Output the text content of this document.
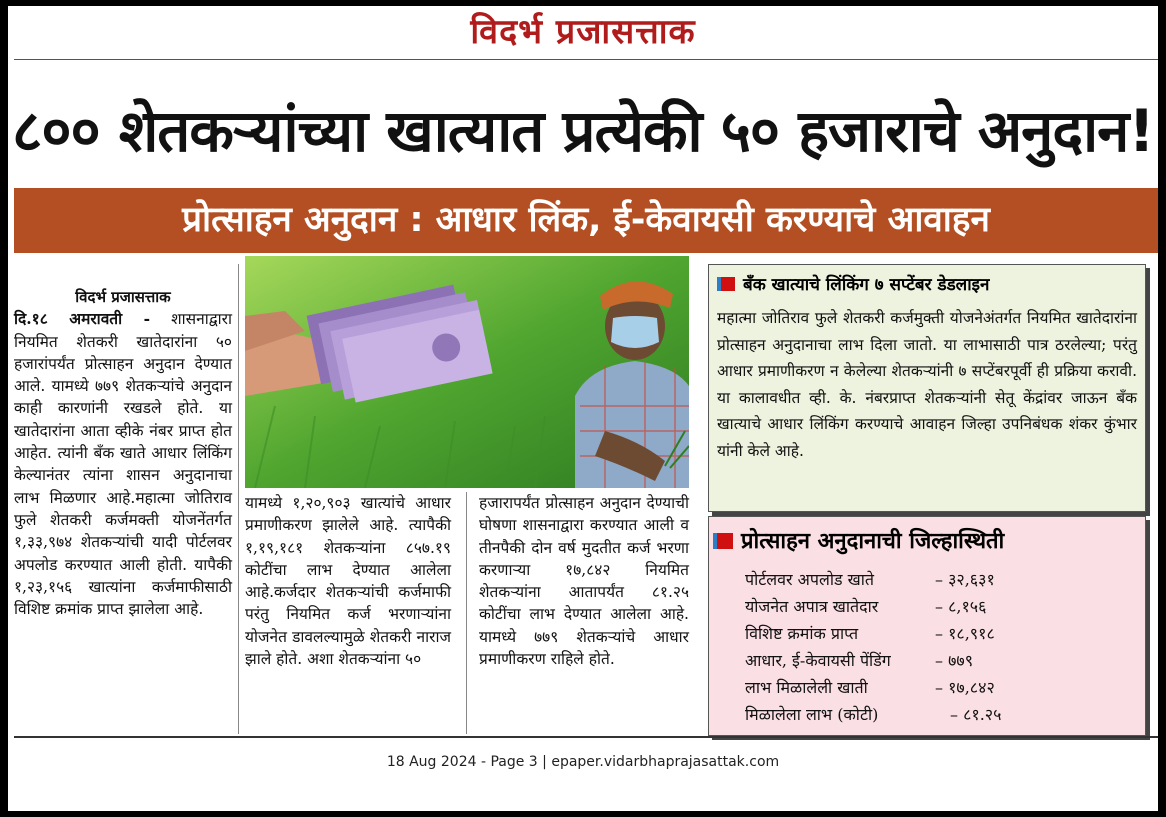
विदर्भ प्रजासत्ताक
८०० शेतकऱ्यांच्या खात्यात प्रत्येकी ५० हजाराचे अनुदान!
प्रोत्साहन अनुदान : आधार लिंक, ई-केवायसी करण्याचे आवाहन
विदर्भ प्रजासत्ताक

दि.१८ अमरावती - शासनाद्वारा नियमित शेतकरी खातेदारांना ५० हजारांपर्यंत प्रोत्साहन अनुदान देण्यात आले. यामध्ये ७७९ शेतकऱ्यांचे अनुदान काही कारणांनी रखडले होते. या खातेदारांना आता व्हीके नंबर प्राप्त होत आहेत. त्यांनी बँक खाते आधार लिंकिंग केल्यानंतर त्यांना शासन अनुदानाचा लाभ मिळणार आहे.महात्मा जोतिराव फुले शेतकरी कर्जमक्ती योजनेंतर्गत १,३३,९७४ शेतकऱ्यांची यादी पोर्टलवर अपलोड करण्यात आली होती. यापैकी १,२३,१५६ खात्यांना कर्जमाफीसाठी विशिष्ट क्रमांक प्राप्त झालेला आहे.

यामध्ये १,२०,९०३ खात्यांचे आधार प्रमाणीकरण झालेले आहे. त्यापैकी १,१९,१८१ शेतकऱ्यांना ८५७.१९ कोटींचा लाभ देण्यात आलेला आहे.कर्जदार शेतकऱ्यांची कर्जमाफी परंतु नियमित कर्ज भरणाऱ्यांना योजनेत डावलल्यामुळे शेतकरी नाराज झाले होते. अशा शेतकऱ्यांना ५०

हजारापर्यंत प्रोत्साहन अनुदान देण्याची घोषणा शासनाद्वारा करण्यात आली व तीनपैकी दोन वर्ष मुदतीत कर्ज भरणा करणाऱ्या १७,८४२ नियमित शेतकऱ्यांना आतापर्यंत ८१.२५ कोटींचा लाभ देण्यात आलेला आहे. यामध्ये ७७९ शेतकऱ्यांचे आधार प्रमाणीकरण राहिले होते.

बँक खात्याचे लिंकिंग ७ सप्टेंबर डेडलाइन
महात्मा जोतिराव फुले शेतकरी कर्जमुक्ती योजनेअंतर्गत नियमित खातेदारांना प्रोत्साहन अनुदानाचा लाभ दिला जातो. या लाभासाठी पात्र ठरलेल्या; परंतु आधार प्रमाणीकरण न केलेल्या शेतकऱ्यांनी ७ सप्टेंबरपूर्वी ही प्रक्रिया करावी. या कालावधीत व्ही. के. नंबरप्राप्त शेतकऱ्यांनी सेतू केंद्रांवर जाऊन बँक खात्याचे आधार लिंकिंग करण्याचे आवाहन जिल्हा उपनिबंधक शंकर कुंभार यांनी केले आहे.
प्रोत्साहन अनुदानाची जिल्हास्थिती
पोर्टलवर अपलोड खाते	– ३२,६३१
योजनेत अपात्र खातेदार	– ८,१५६
विशिष्ट क्रमांक प्राप्त	– १८,९१८
आधार, ई-केवायसी पेंडिंग	– ७७९
लाभ मिळालेली खाती	– १७,८४२
मिळालेला लाभ (कोटी)	– ८१.२५
18 Aug 2024 - Page 3 | epaper.vidarbhaprajasattak.com
